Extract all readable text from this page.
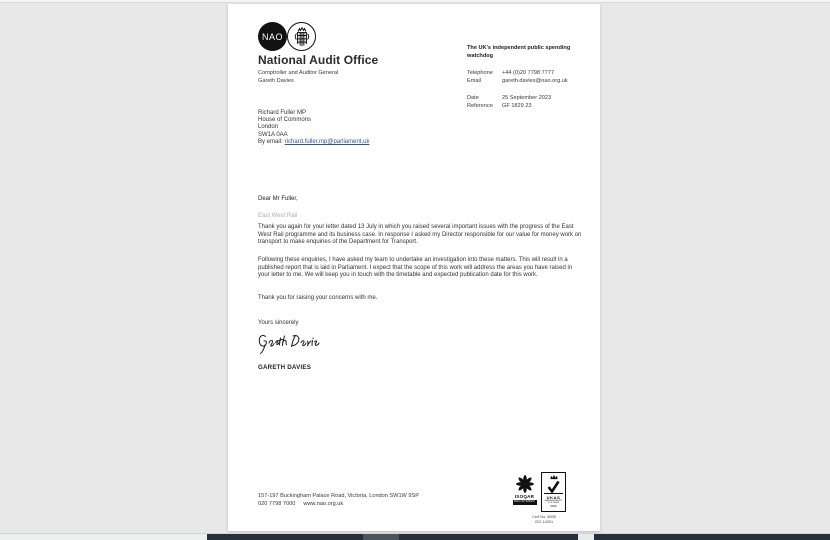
NAO
National Audit Office
Comptroller and Auditor General
Gareth Davies
The UK's independent public spending watchdog
Telephone +44 (0)20 7798 7777
Email	gareth.davies@nao.org.uk
Date	25 September 2023
Reference GF 1829 23
Richard Fuller MP
House of Commons
London
SW1A 0AA
By email: richard.fuller.mp@parliament.uk
Dear Mr Fuller,
East West Rail
Thank you again for your letter dated 13 July in which you raised several important issues with the progress of the East West Rail programme and its business case. In response I asked my Director responsible for our value for money work on transport to make enquiries of the Department for Transport.
Following these enquiries, I have asked my team to undertake an investigation into these matters. This will result in a published report that is laid in Parliament. I expect that the scope of this work will address the areas you have raised in your letter to me. We will keep you in touch with the timetable and expected publication date for this work.
Thank you for raising your concerns with me.
Yours sincerely
GARETH DAVIES
157-197 Buckingham Palace Road, Victoria, London SW1W 9SP
020 7798 7000 www.nao.org.uk
ISOQAR
REGISTERED
UKAS
MANAGEMENT SYSTEMS
0026
Cert No. 8835
ISO 14001
